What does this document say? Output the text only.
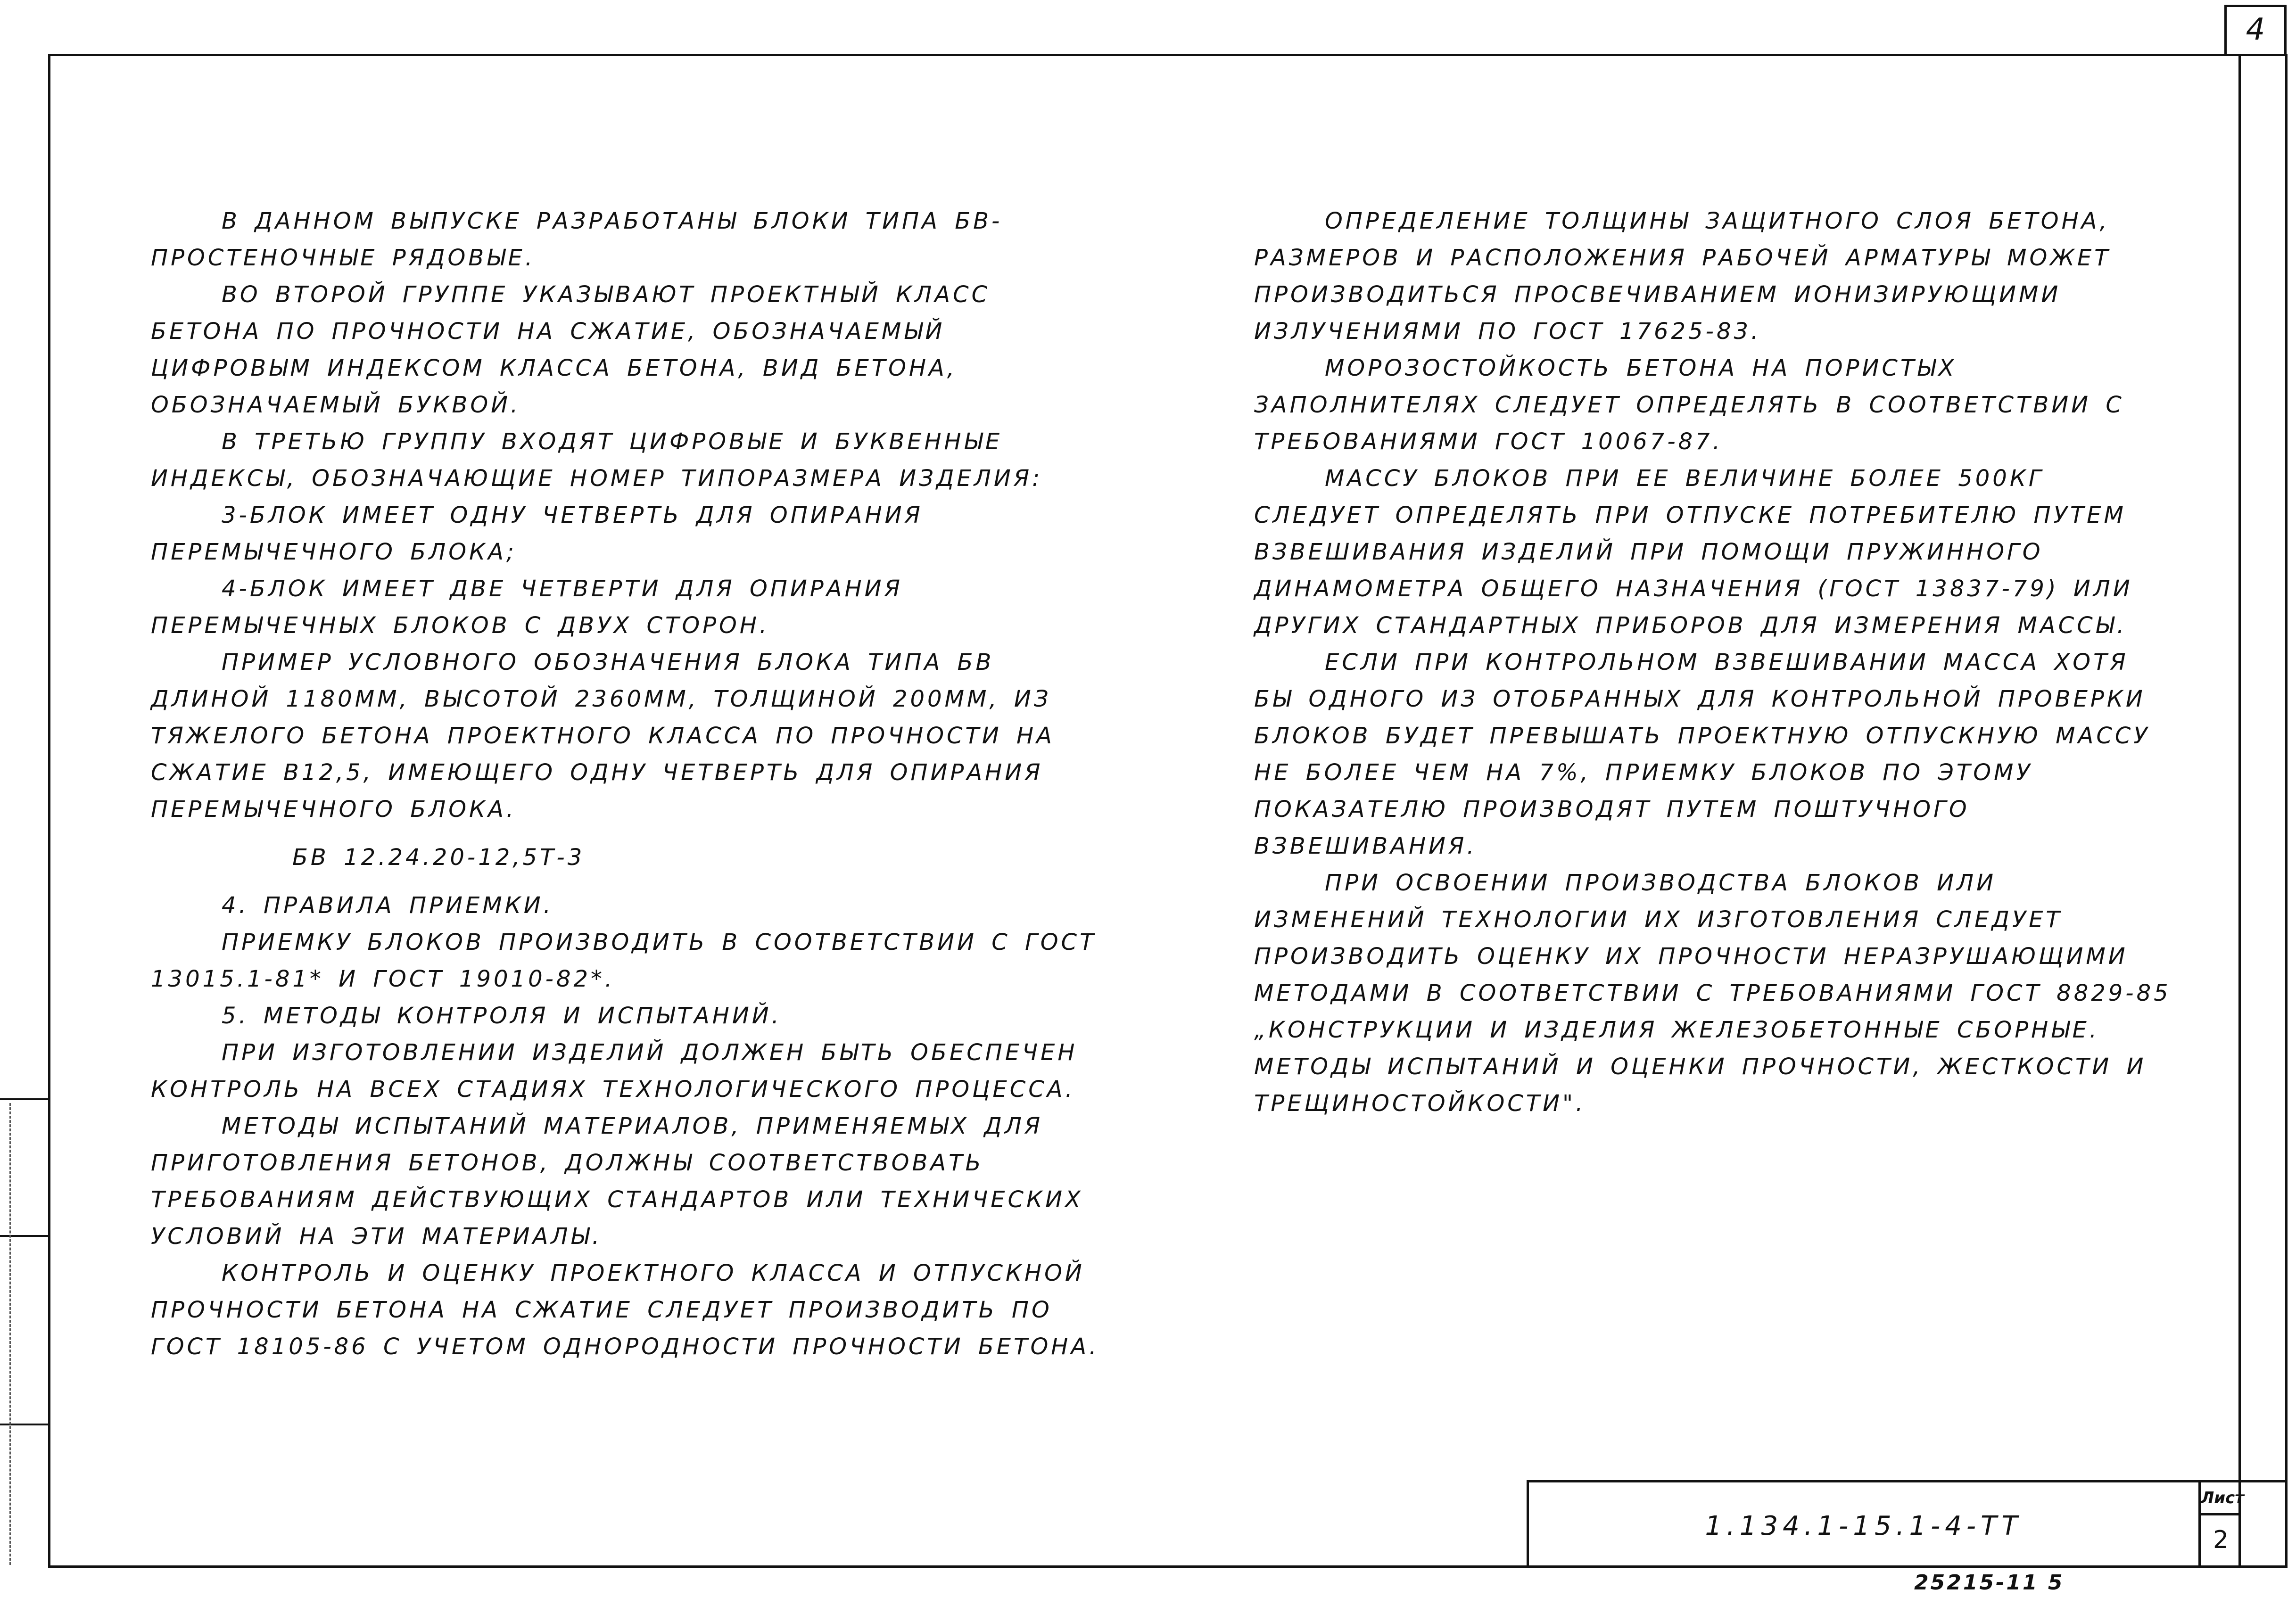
4

В ДАННОМ ВЫПУСКЕ РАЗРАБОТАНЫ БЛОКИ ТИПА БВ-ПРОСТЕНОЧНЫЕ РЯДОВЫЕ.

ВО ВТОРОЙ ГРУППЕ УКАЗЫВАЮТ ПРОЕКТНЫЙ КЛАСС БЕТОНА ПО ПРОЧНОСТИ НА СЖАТИЕ, ОБОЗНАЧАЕМЫЙ ЦИФРОВЫМ ИНДЕКСОМ КЛАССА БЕТОНА, ВИД БЕТОНА, ОБОЗНАЧАЕМЫЙ БУКВОЙ.

В ТРЕТЬЮ ГРУППУ ВХОДЯТ ЦИФРОВЫЕ И БУКВЕННЫЕ ИНДЕКСЫ, ОБОЗНАЧАЮЩИЕ НОМЕР ТИПОРАЗМЕРА ИЗДЕЛИЯ:

3-БЛОК ИМЕЕТ ОДНУ ЧЕТВЕРТЬ ДЛЯ ОПИРАНИЯ ПЕРЕМЫЧЕЧНОГО БЛОКА;

4-БЛОК ИМЕЕТ ДВЕ ЧЕТВЕРТИ ДЛЯ ОПИРАНИЯ ПЕРЕМЫЧЕЧНЫХ БЛОКОВ С ДВУХ СТОРОН.

ПРИМЕР УСЛОВНОГО ОБОЗНАЧЕНИЯ БЛОКА ТИПА БВ ДЛИНОЙ 1180ММ, ВЫСОТОЙ 2360ММ, ТОЛЩИНОЙ 200ММ, ИЗ ТЯЖЕЛОГО БЕТОНА ПРОЕКТНОГО КЛАССА ПО ПРОЧНОСТИ НА СЖАТИЕ В12,5, ИМЕЮЩЕГО ОДНУ ЧЕТВЕРТЬ ДЛЯ ОПИРАНИЯ ПЕРЕМЫЧЕЧНОГО БЛОКА.

БВ 12.24.20-12,5Т-3

4. ПРАВИЛА ПРИЕМКИ.

ПРИЕМКУ БЛОКОВ ПРОИЗВОДИТЬ В СООТВЕТСТВИИ С ГОСТ 13015.1-81* И ГОСТ 19010-82*.

5. МЕТОДЫ КОНТРОЛЯ И ИСПЫТАНИЙ.

ПРИ ИЗГОТОВЛЕНИИ ИЗДЕЛИЙ ДОЛЖЕН БЫТЬ ОБЕСПЕЧЕН КОНТРОЛЬ НА ВСЕХ СТАДИЯХ ТЕХНОЛОГИЧЕСКОГО ПРОЦЕССА.

МЕТОДЫ ИСПЫТАНИЙ МАТЕРИАЛОВ, ПРИМЕНЯЕМЫХ ДЛЯ ПРИГОТОВЛЕНИЯ БЕТОНОВ, ДОЛЖНЫ СООТВЕТСТВОВАТЬ ТРЕБОВАНИЯМ ДЕЙСТВУЮЩИХ СТАНДАРТОВ ИЛИ ТЕХНИЧЕСКИХ УСЛОВИЙ НА ЭТИ МАТЕРИАЛЫ.

КОНТРОЛЬ И ОЦЕНКУ ПРОЕКТНОГО КЛАССА И ОТПУСКНОЙ ПРОЧНОСТИ БЕТОНА НА СЖАТИЕ СЛЕДУЕТ ПРОИЗВОДИТЬ ПО ГОСТ 18105-86 С УЧЕТОМ ОДНОРОДНОСТИ ПРОЧНОСТИ БЕТОНА.

ОПРЕДЕЛЕНИЕ ТОЛЩИНЫ ЗАЩИТНОГО СЛОЯ БЕТОНА, РАЗМЕРОВ И РАСПОЛОЖЕНИЯ РАБОЧЕЙ АРМАТУРЫ МОЖЕТ ПРОИЗВОДИТЬСЯ ПРОСВЕЧИВАНИЕМ ИОНИЗИРУЮЩИМИ ИЗЛУЧЕНИЯМИ ПО ГОСТ 17625-83.

МОРОЗОСТОЙКОСТЬ БЕТОНА НА ПОРИСТЫХ ЗАПОЛНИТЕЛЯХ СЛЕДУЕТ ОПРЕДЕЛЯТЬ В СООТВЕТСТВИИ С ТРЕБОВАНИЯМИ ГОСТ 10067-87.

МАССУ БЛОКОВ ПРИ ЕЕ ВЕЛИЧИНЕ БОЛЕЕ 500КГ СЛЕДУЕТ ОПРЕДЕЛЯТЬ ПРИ ОТПУСКЕ ПОТРЕБИТЕЛЮ ПУТЕМ ВЗВЕШИВАНИЯ ИЗДЕЛИЙ ПРИ ПОМОЩИ ПРУЖИННОГО ДИНАМОМЕТРА ОБЩЕГО НАЗНАЧЕНИЯ (ГОСТ 13837-79) ИЛИ ДРУГИХ СТАНДАРТНЫХ ПРИБОРОВ ДЛЯ ИЗМЕРЕНИЯ МАССЫ.

ЕСЛИ ПРИ КОНТРОЛЬНОМ ВЗВЕШИВАНИИ МАССА ХОТЯ БЫ ОДНОГО ИЗ ОТОБРАННЫХ ДЛЯ КОНТРОЛЬНОЙ ПРОВЕРКИ БЛОКОВ БУДЕТ ПРЕВЫШАТЬ ПРОЕКТНУЮ ОТПУСКНУЮ МАССУ НЕ БОЛЕЕ ЧЕМ НА 7%, ПРИЕМКУ БЛОКОВ ПО ЭТОМУ ПОКАЗАТЕЛЮ ПРОИЗВОДЯТ ПУТЕМ ПОШТУЧНОГО ВЗВЕШИВАНИЯ.

ПРИ ОСВОЕНИИ ПРОИЗВОДСТВА БЛОКОВ ИЛИ ИЗМЕНЕНИЙ ТЕХНОЛОГИИ ИХ ИЗГОТОВЛЕНИЯ СЛЕДУЕТ ПРОИЗВОДИТЬ ОЦЕНКУ ИХ ПРОЧНОСТИ НЕРАЗРУШАЮЩИМИ МЕТОДАМИ В СООТВЕТСТВИИ С ТРЕБОВАНИЯМИ ГОСТ 8829-85 „КОНСТРУКЦИИ И ИЗДЕЛИЯ ЖЕЛЕЗОБЕТОННЫЕ СБОРНЫЕ. МЕТОДЫ ИСПЫТАНИЙ И ОЦЕНКИ ПРОЧНОСТИ, ЖЕСТКОСТИ И ТРЕЩИНОСТОЙКОСТИ".

1.134.1-15.1-4-ТТ
Лист
2
25215-11 5
